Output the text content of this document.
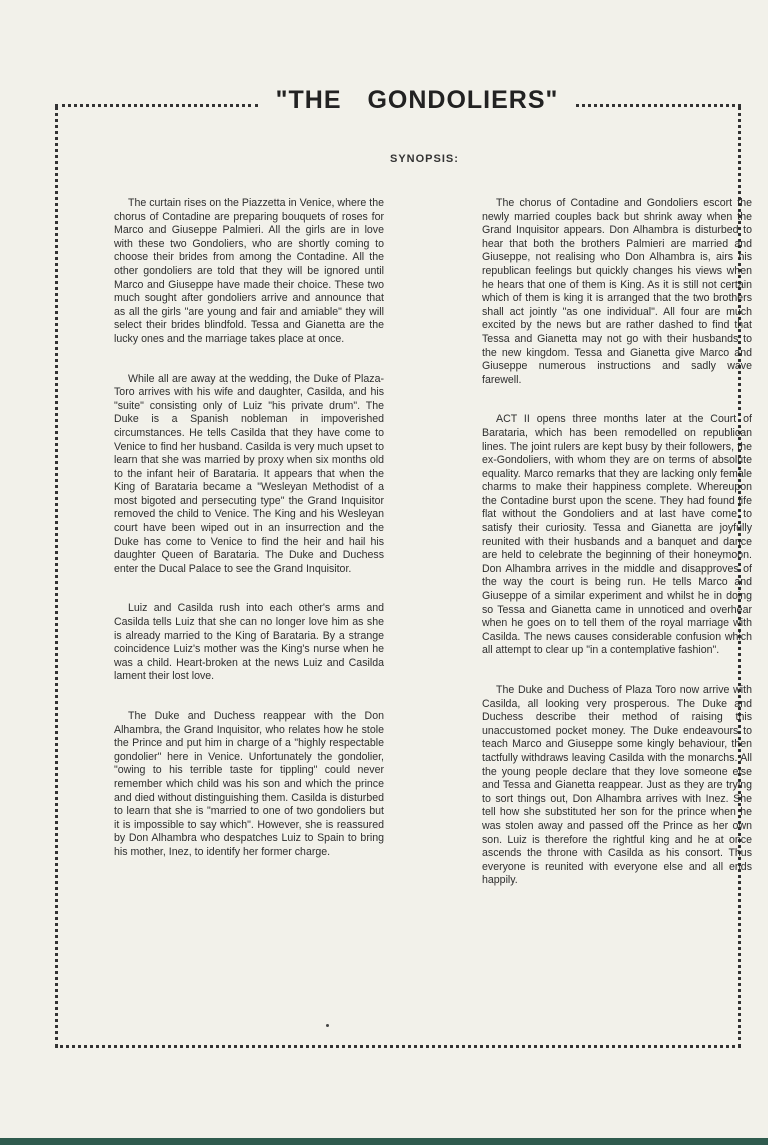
"THE GONDOLIERS"
SYNOPSIS:

The curtain rises on the Piazzetta in Venice, where the chorus of Contadine are preparing bouquets of roses for Marco and Giuseppe Palmieri. All the girls are in love with these two Gondoliers, who are shortly coming to choose their brides from among the Contadine. All the other gondoliers are told that they will be ignored until Marco and Giuseppe have made their choice. These two much sought after gondoliers arrive and announce that as all the girls "are young and fair and amiable" they will select their brides blindfold. Tessa and Gianetta are the lucky ones and the marriage takes place at once.

While all are away at the wedding, the Duke of Plaza-Toro arrives with his wife and daughter, Casilda, and his "suite" consisting only of Luiz "his private drum". The Duke is a Spanish nobleman in impoverished circumstances. He tells Casilda that they have come to Venice to find her husband. Casilda is very much upset to learn that she was married by proxy when six months old to the infant heir of Barataria. It appears that when the King of Barataria became a "Wesleyan Methodist of a most bigoted and persecuting type" the Grand Inquisitor removed the child to Venice. The King and his Wesleyan court have been wiped out in an insurrection and the Duke has come to Venice to find the heir and hail his daughter Queen of Barataria. The Duke and Duchess enter the Ducal Palace to see the Grand Inquisitor.

Luiz and Casilda rush into each other's arms and Casilda tells Luiz that she can no longer love him as she is already married to the King of Barataria. By a strange coincidence Luiz's mother was the King's nurse when he was a child. Heart-broken at the news Luiz and Casilda lament their lost love.

The Duke and Duchess reappear with the Don Alhambra, the Grand Inquisitor, who relates how he stole the Prince and put him in charge of a "highly respectable gondolier" here in Venice. Unfortunately the gondolier, "owing to his terrible taste for tippling" could never remember which child was his son and which the prince and died without distinguishing them. Casilda is disturbed to learn that she is "married to one of two gondoliers but it is impossible to say which". However, she is reassured by Don Alhambra who despatches Luiz to Spain to bring his mother, Inez, to identify her former charge.

The chorus of Contadine and Gondoliers escort the newly married couples back but shrink away when the Grand Inquisitor appears. Don Alhambra is disturbed to hear that both the brothers Palmieri are married and Giuseppe, not realising who Don Alhambra is, airs his republican feelings but quickly changes his views when he hears that one of them is King. As it is still not certain which of them is king it is arranged that the two brothers shall act jointly "as one individual". All four are much excited by the news but are rather dashed to find that Tessa and Gianetta may not go with their husbands to the new kingdom. Tessa and Gianetta give Marco and Giuseppe numerous instructions and sadly wave farewell.

ACT II opens three months later at the Court of Barataria, which has been remodelled on republican lines. The joint rulers are kept busy by their followers, the ex-Gondoliers, with whom they are on terms of absolute equality. Marco remarks that they are lacking only female charms to make their happiness complete. Whereupon the Contadine burst upon the scene. They had found life flat without the Gondoliers and at last have come to satisfy their curiosity. Tessa and Gianetta are joyfully reunited with their husbands and a banquet and dance are held to celebrate the beginning of their honeymoon. Don Alhambra arrives in the middle and disapproves of the way the court is being run. He tells Marco and Giuseppe of a similar experiment and whilst he in doing so Tessa and Gianetta came in unnoticed and overhear when he goes on to tell them of the royal marriage with Casilda. The news causes considerable confusion which all attempt to clear up "in a contemplative fashion".

The Duke and Duchess of Plaza Toro now arrive with Casilda, all looking very prosperous. The Duke and Duchess describe their method of raising this unaccustomed pocket money. The Duke endeavours to teach Marco and Giuseppe some kingly behaviour, then tactfully withdraws leaving Casilda with the monarchs. All the young people declare that they love someone else and Tessa and Gianetta reappear. Just as they are trying to sort things out, Don Alhambra arrives with Inez. She tell how she substituted her son for the prince when he was stolen away and passed off the Prince as her own son. Luiz is therefore the rightful king and he at once ascends the throne with Casilda as his consort. Thus everyone is reunited with everyone else and all ends happily.
